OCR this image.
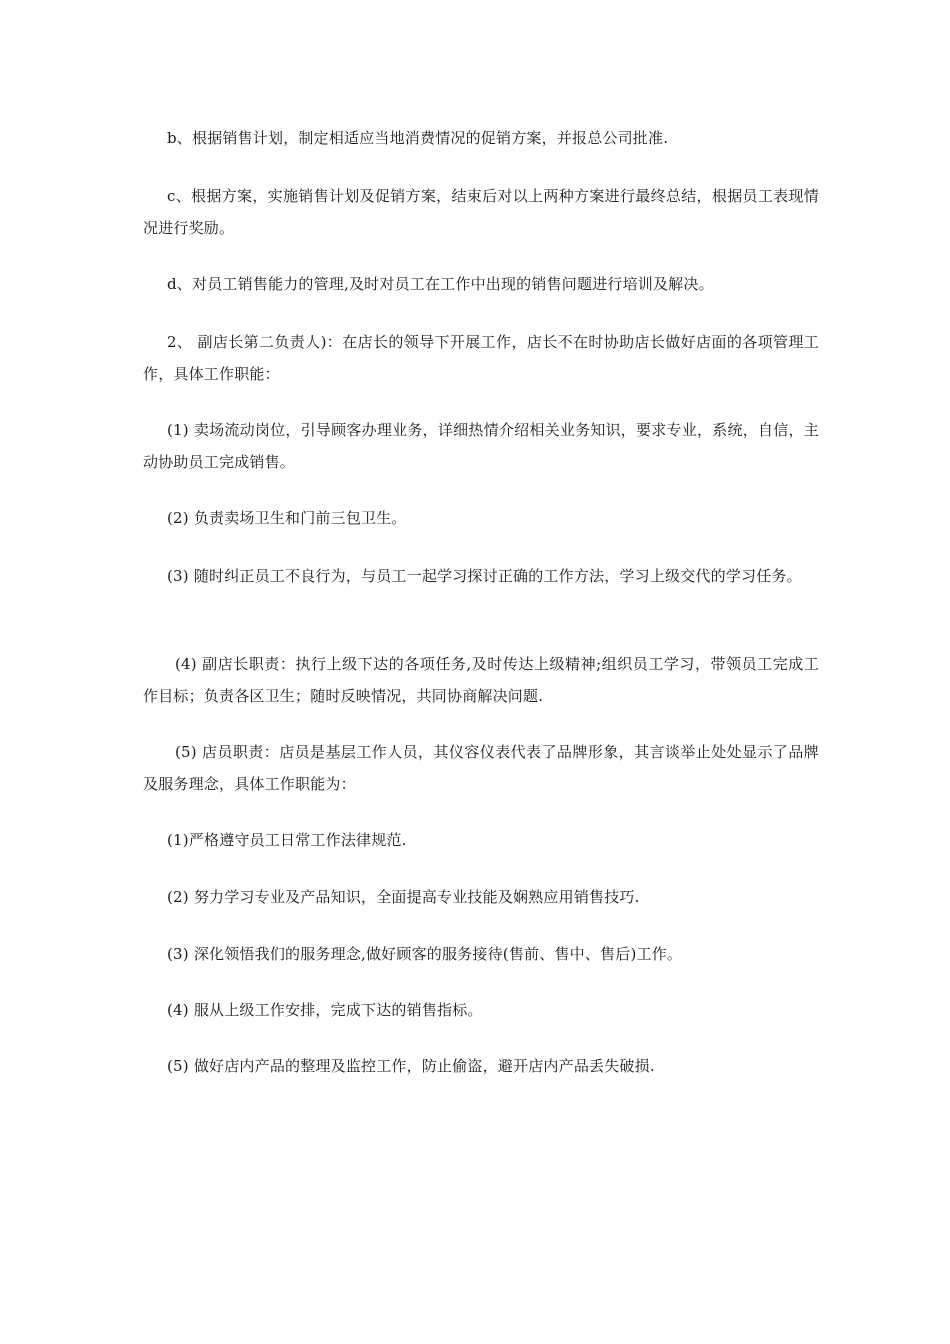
b、根据销售计划，制定相适应当地消费情况的促销方案，并报总公司批准.

c、根据方案，实施销售计划及促销方案，结束后对以上两种方案进行最终总结，根据员工表现情况进行奖励。

d、对员工销售能力的管理,及时对员工在工作中出现的销售问题进行培训及解决。

2、 副店长第二负责人)：在店长的领导下开展工作，店长不在时协助店长做好店面的各项管理工作，具体工作职能：

(1) 卖场流动岗位，引导顾客办理业务，详细热情介绍相关业务知识，要求专业，系统，自信，主动协助员工完成销售。

(2) 负责卖场卫生和门前三包卫生。

(3) 随时纠正员工不良行为，与员工一起学习探讨正确的工作方法，学习上级交代的学习任务。

(4) 副店长职责：执行上级下达的各项任务,及时传达上级精神;组织员工学习，带领员工完成工作目标；负责各区卫生；随时反映情况，共同协商解决问题.

(5) 店员职责：店员是基层工作人员，其仪容仪表代表了品牌形象，其言谈举止处处显示了品牌及服务理念，具体工作职能为：

(1)严格遵守员工日常工作法律规范.

(2) 努力学习专业及产品知识，全面提高专业技能及娴熟应用销售技巧.

(3) 深化领悟我们的服务理念,做好顾客的服务接待(售前、售中、售后)工作。

(4) 服从上级工作安排，完成下达的销售指标。

(5) 做好店内产品的整理及监控工作，防止偷盗，避开店内产品丢失破损.
